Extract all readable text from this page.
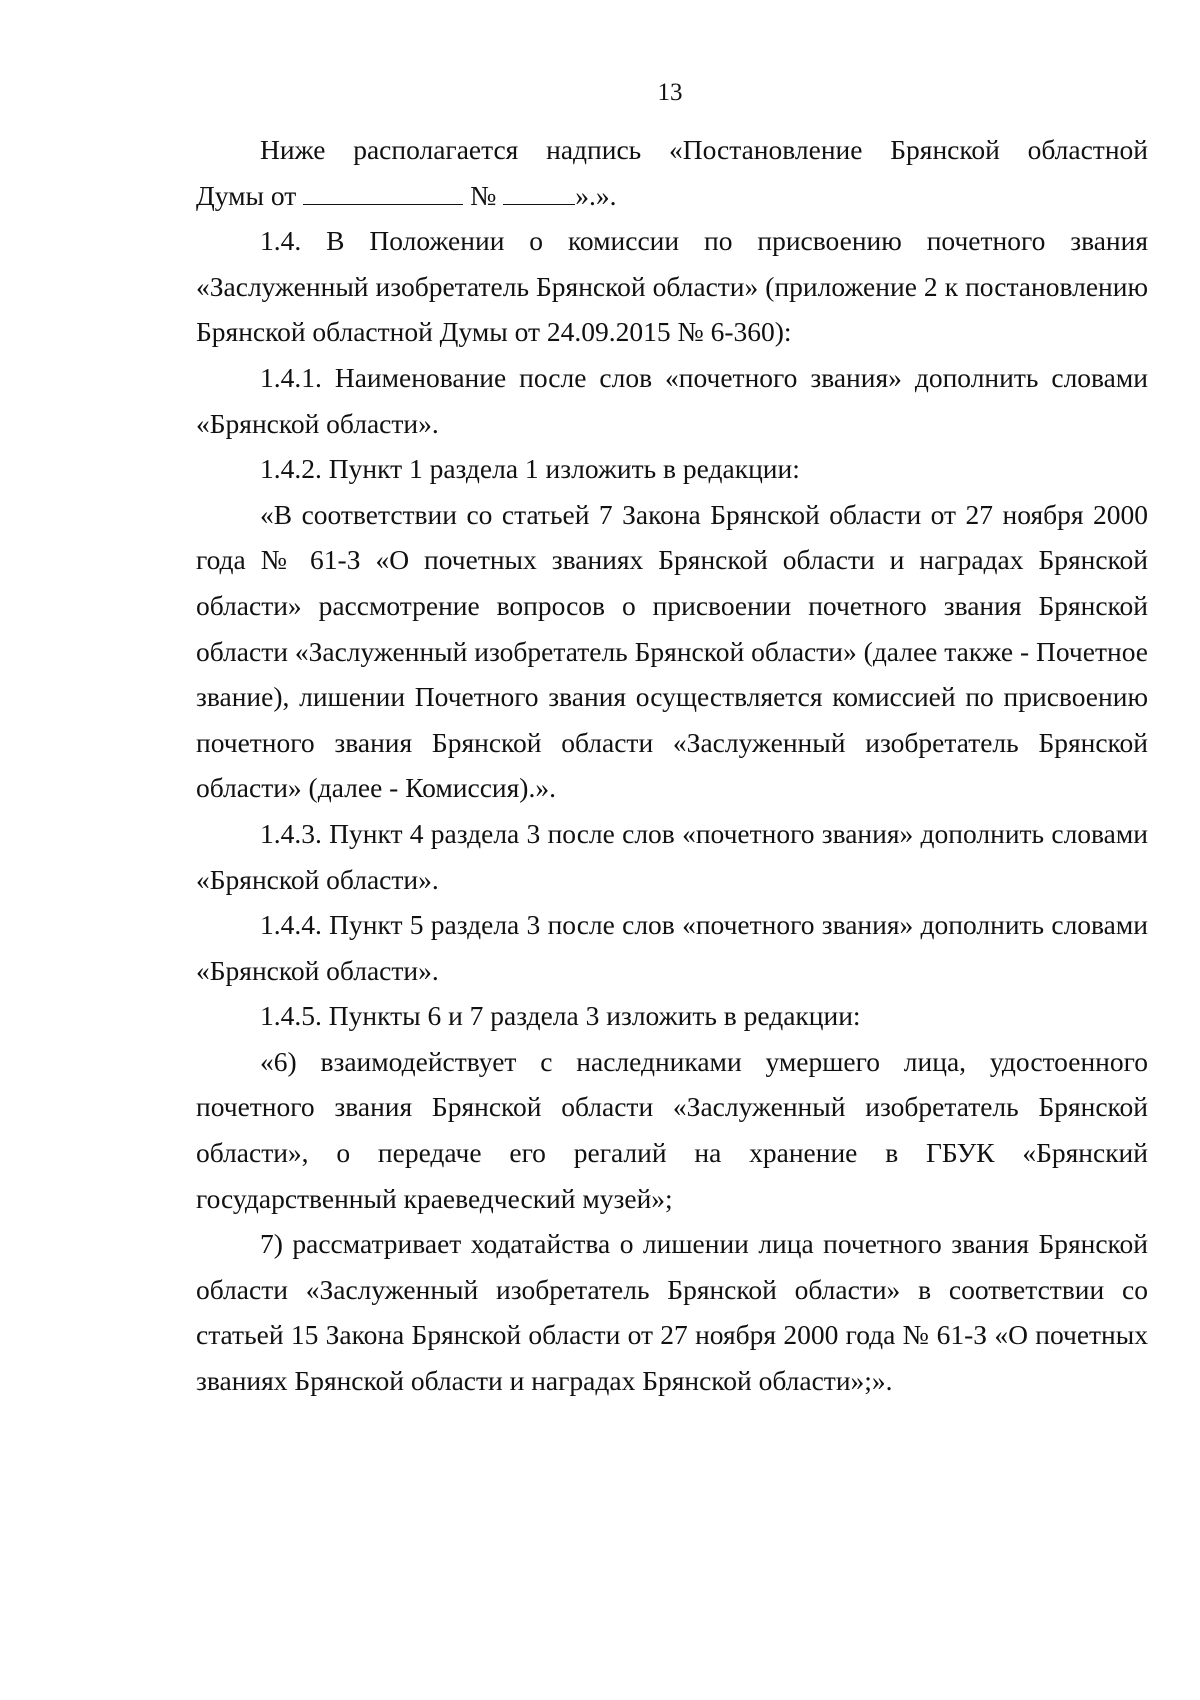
13

Ниже располагается надпись «Постановление Брянской областной

Думы от	№	».».

1.4. В Положении о комиссии по присвоению почетного звания «Заслуженный изобретатель Брянской области» (приложение 2 к постановлению Брянской областной Думы от 24.09.2015 № 6-360):

1.4.1. Наименование после слов «почетного звания» дополнить словами «Брянской области».

1.4.2. Пункт 1 раздела 1 изложить в редакции:

«В соответствии со статьей 7 Закона Брянской области от 27 ноября 2000 года № 61-З «О почетных званиях Брянской области и наградах Брянской области» рассмотрение вопросов о присвоении почетного звания Брянской области «Заслуженный изобретатель Брянской области» (далее также - Почетное звание), лишении Почетного звания осуществляется комиссией по присвоению почетного звания Брянской области «Заслуженный изобретатель Брянской области» (далее - Комиссия).».

1.4.3. Пункт 4 раздела 3 после слов «почетного звания» дополнить словами «Брянской области».

1.4.4. Пункт 5 раздела 3 после слов «почетного звания» дополнить словами «Брянской области».

1.4.5. Пункты 6 и 7 раздела 3 изложить в редакции:

«6) взаимодействует с наследниками умершего лица, удостоенного почетного звания Брянской области «Заслуженный изобретатель Брянской области», о передаче его регалий на хранение в ГБУК «Брянский государственный краеведческий музей»;

7) рассматривает ходатайства о лишении лица почетного звания Брянской области «Заслуженный изобретатель Брянской области» в соответствии со статьей 15 Закона Брянской области от 27 ноября 2000 года № 61-З «О почетных званиях Брянской области и наградах Брянской области»;».
